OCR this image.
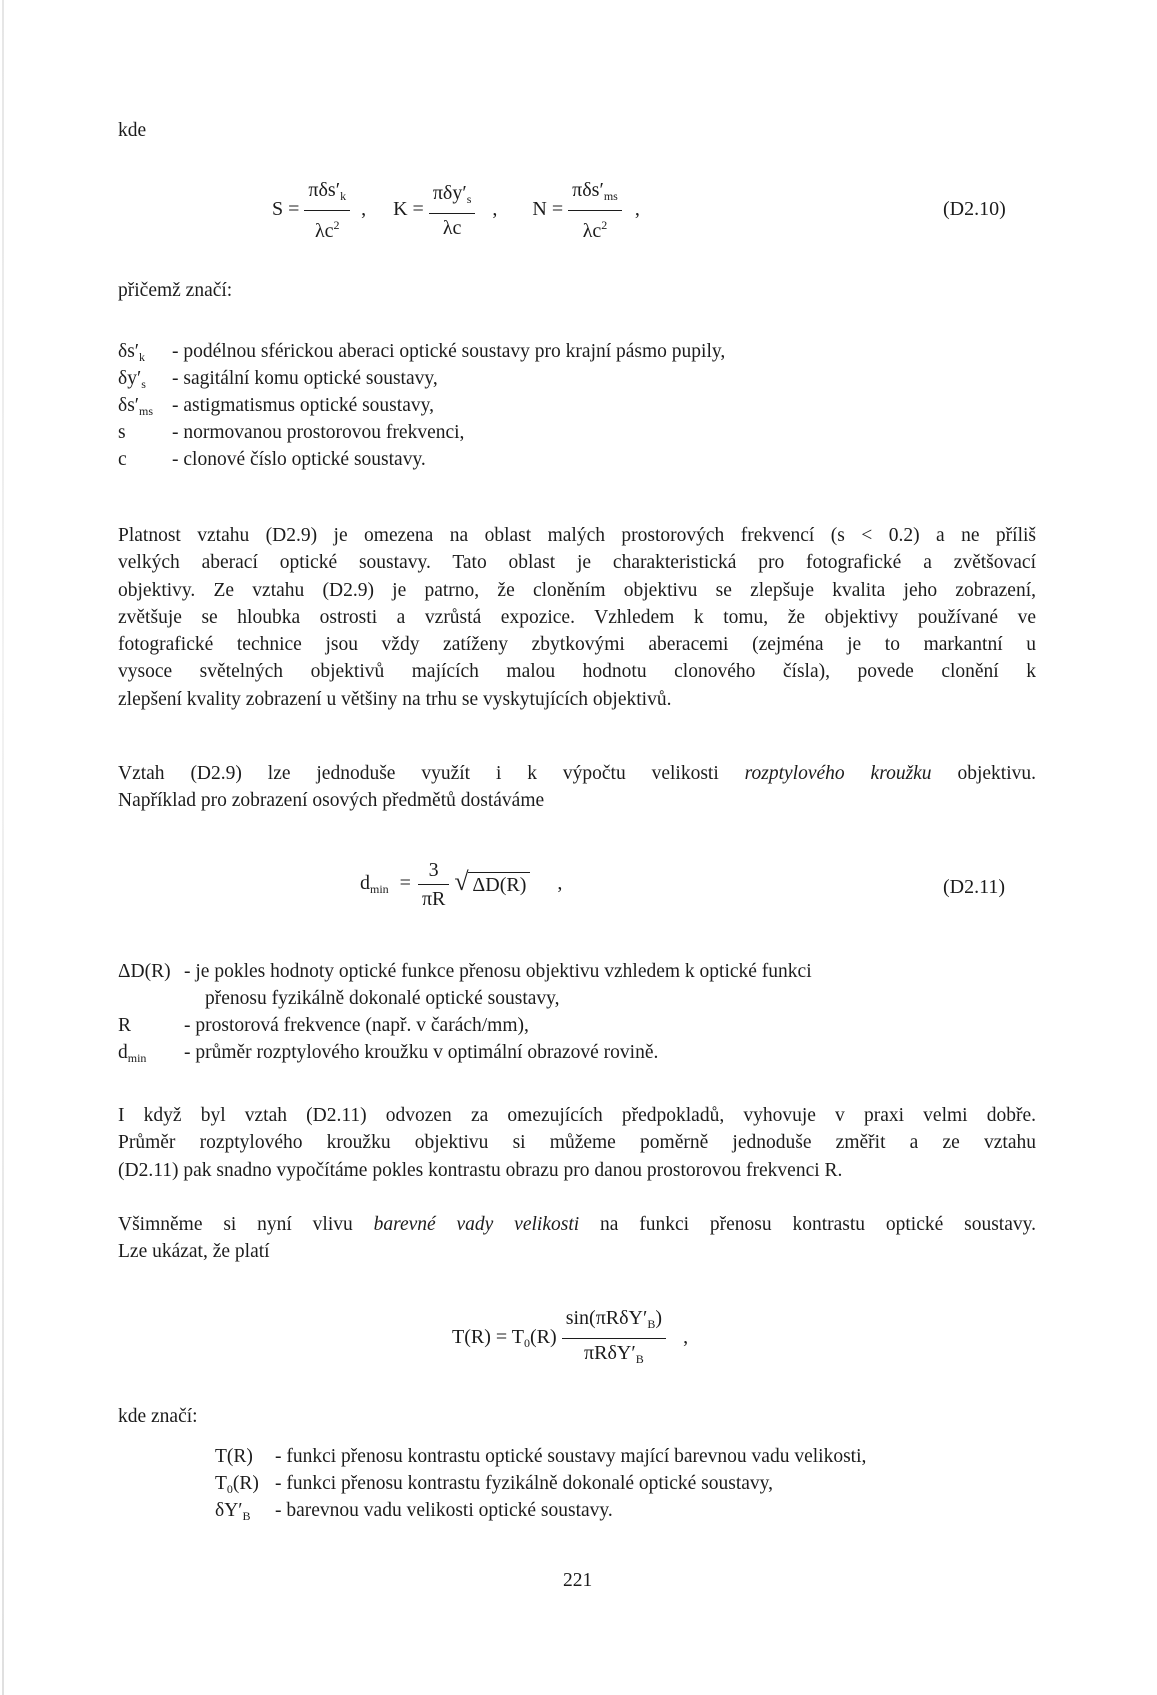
kde
$S = \frac{\pi\delta s'_k}{\lambda c^2}$ , $K = \frac{\pi\delta y'_s}{\lambda c}$ , $N = \frac{\pi\delta s'_{ms}}{\lambda c^2}$ ,	(D2.10)
přičemž značí:
$\delta s'_k$ - podélnou sférickou aberaci optické soustavy pro krajní pásmo pupily,
$\delta y'_s$ - sagitální komu optické soustavy,
$\delta s'_{ms}$ - astigmatismus optické soustavy,
s - normovanou prostorovou frekvenci,
c - clonové číslo optické soustavy.
Platnost vztahu (D2.9) je omezena na oblast malých prostorových frekvencí (s < 0.2) a ne příliš
velkých aberací optické soustavy. Tato oblast je charakteristická pro fotografické a zvětšovací
objektivy. Ze vztahu (D2.9) je patrno, že cloněním objektivu se zlepšuje kvalita jeho zobrazení,
zvětšuje se hloubka ostrosti a vzrůstá expozice. Vzhledem k tomu, že objektivy používané ve
fotografické technice jsou vždy zatíženy zbytkovými aberacemi (zejména je to markantní u
vysoce světelných objektivů majících malou hodnotu clonového čísla), povede clonění k
zlepšení kvality zobrazení u většiny na trhu se vyskytujících objektivů.
Vztah (D2.9) lze jednoduše využít i k výpočtu velikosti rozptylového kroužku objektivu.
Například pro zobrazení osových předmětů dostáváme
$d_{min} = \frac{3}{\pi R}$
√ ΔD(R) ,	(D2.11)
ΔD(R) - je pokles hodnoty optické funkce přenosu objektivu vzhledem k optické funkci
přenosu fyzikálně dokonalé optické soustavy,
R	- prostorová frekvence (např. v čarách/mm),
$d_{min}$ - průměr rozptylového kroužku v optimální obrazové rovině.
I když byl vztah (D2.11) odvozen za omezujících předpokladů, vyhovuje v praxi velmi dobře.
Průměr rozptylového kroužku objektivu si můžeme poměrně jednoduše změřit a ze vztahu
(D2.11) pak snadno vypočítáme pokles kontrastu obrazu pro danou prostorovou frekvenci R.
Všimněme si nyní vlivu barevné vady velikosti na funkci přenosu kontrastu optické soustavy.
Lze ukázat, že platí
$T(R) = T_0(R) \frac{\sin(\pi R\delta Y'_B)}{\pi R\delta Y'_B}$ ,
kde značí:
T(R) - funkci přenosu kontrastu optické soustavy mající barevnou vadu velikosti,
$T_0(R)$ - funkci přenosu kontrastu fyzikálně dokonalé optické soustavy,
$\delta Y'_B$ - barevnou vadu velikosti optické soustavy.
221
